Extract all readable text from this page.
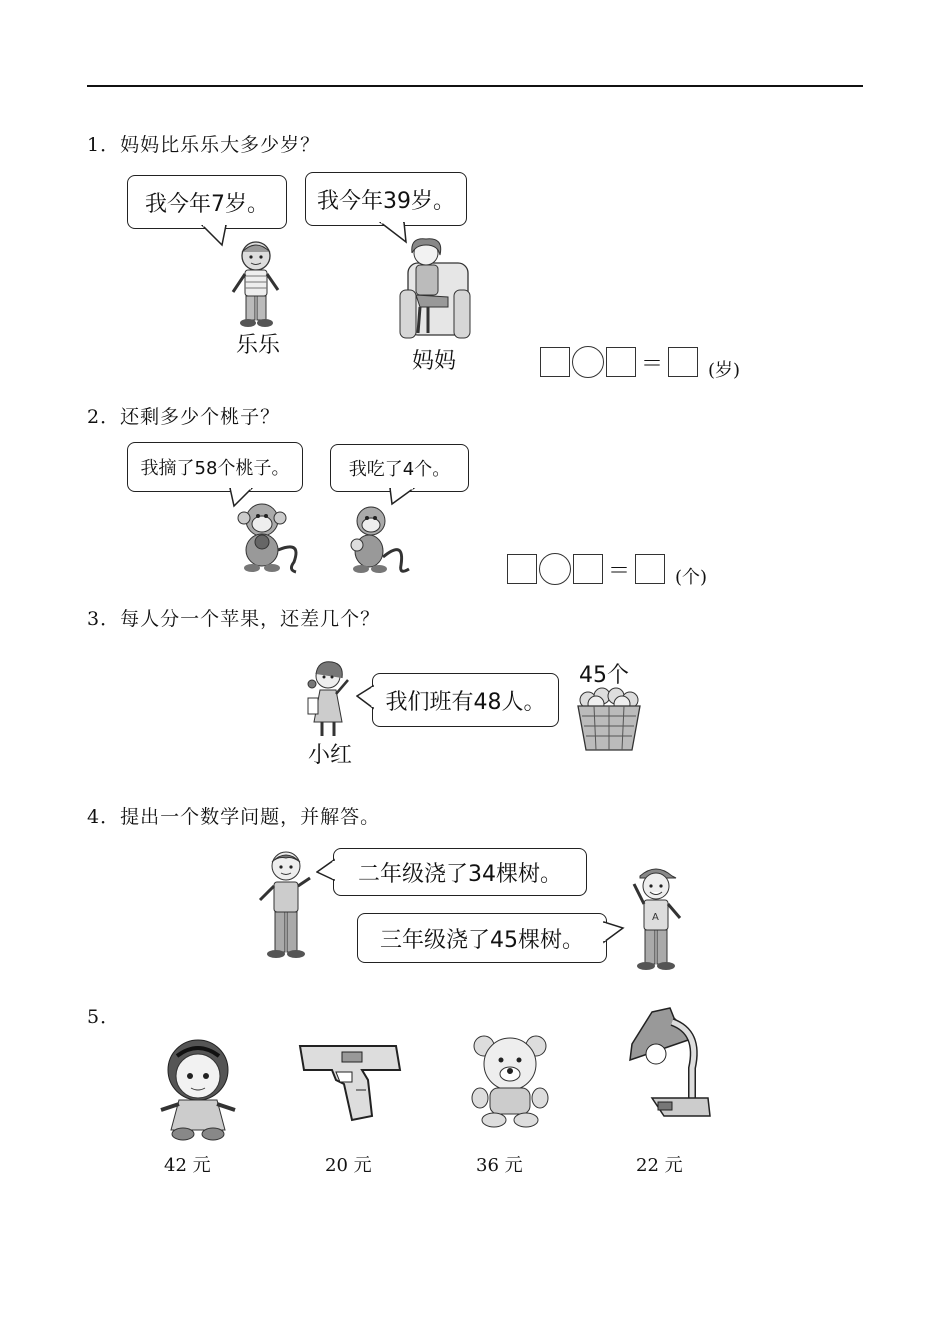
1．妈妈比乐乐大多少岁？
我今年7岁。	我今年39岁。
乐乐
妈妈	＝	(岁)
2．还剩多少个桃子？
我摘了58个桃子。	我吃了4个。
＝	(个)
3．每人分一个苹果，还差几个？
小红
我们班有48人。
45个
4．提出一个数学问题，并解答。
二年级浇了34棵树。
三年级浇了45棵树。
A
5．
42 元	20 元	36 元	22 元
